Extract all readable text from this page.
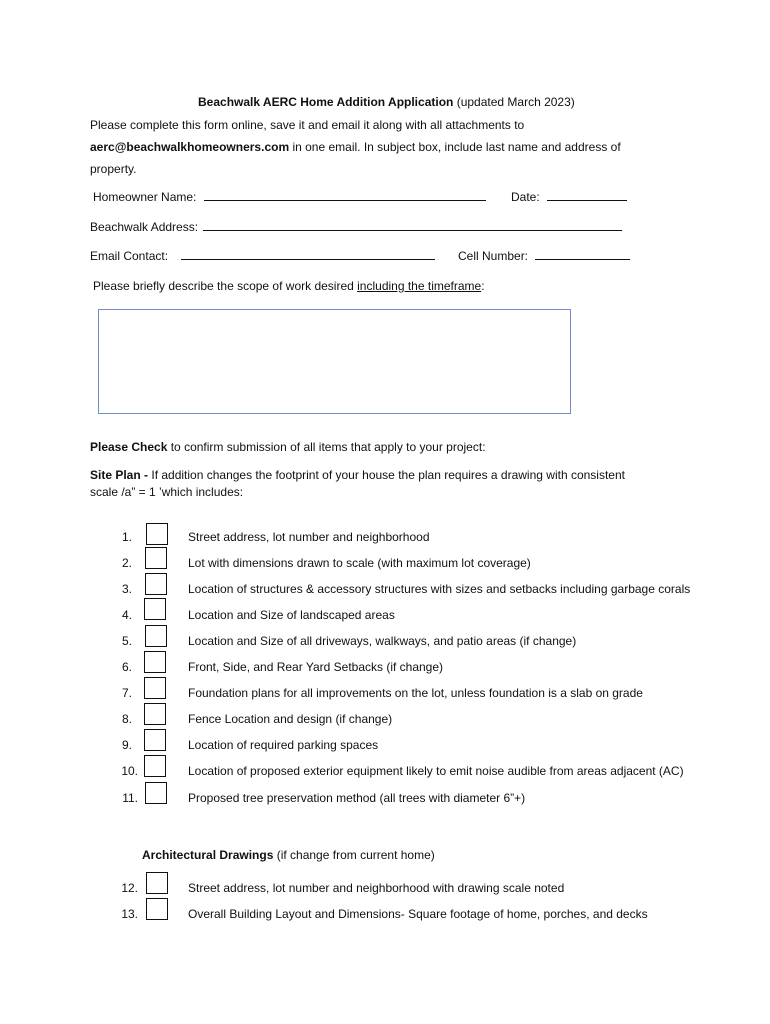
Beachwalk AERC Home Addition Application (updated March 2023)
Please complete this form online, save it and email it along with all attachments to
aerc@beachwalkhomeowners.com in one email. In subject box, include last name and address of
property.
Homeowner Name:	Date:
Beachwalk Address:
Email Contact:	Cell Number:
Please briefly describe the scope of work desired including the timeframe:
Please Check to confirm submission of all items that apply to your project:
Site Plan - If addition changes the footprint of your house the plan requires a drawing with consistent
scale /a” = 1 ’which includes:
1.	Street address, lot number and neighborhood
2.	Lot with dimensions drawn to scale (with maximum lot coverage)
3.	Location of structures & accessory structures with sizes and setbacks including garbage corals
4.	Location and Size of landscaped areas
5.	Location and Size of all driveways, walkways, and patio areas (if change)
6.	Front, Side, and Rear Yard Setbacks (if change)
7.	Foundation plans for all improvements on the lot, unless foundation is a slab on grade
8.	Fence Location and design (if change)
9.	Location of required parking spaces
10.	Location of proposed exterior equipment likely to emit noise audible from areas adjacent (AC)
11.	Proposed tree preservation method (all trees with diameter 6”+)
Architectural Drawings (if change from current home)
12.	Street address, lot number and neighborhood with drawing scale noted
13.	Overall Building Layout and Dimensions- Square footage of home, porches, and decks
